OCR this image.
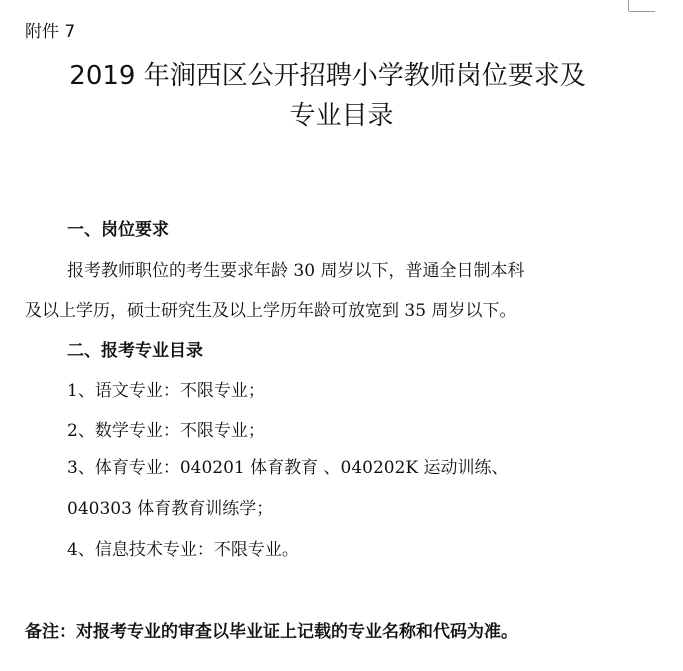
附件 7
2019 年涧西区公开招聘小学教师岗位要求及
专业目录
一、岗位要求
报考教师职位的考生要求年龄 30 周岁以下，普通全日制本科
及以上学历，硕士研究生及以上学历年龄可放宽到 35 周岁以下。
二、报考专业目录
1、语文专业：不限专业；
2、数学专业：不限专业；
3、体育专业：040201 体育教育 、040202K 运动训练、
040303 体育教育训练学；
4、信息技术专业：不限专业。
备注：对报考专业的审查以毕业证上记载的专业名称和代码为准。
